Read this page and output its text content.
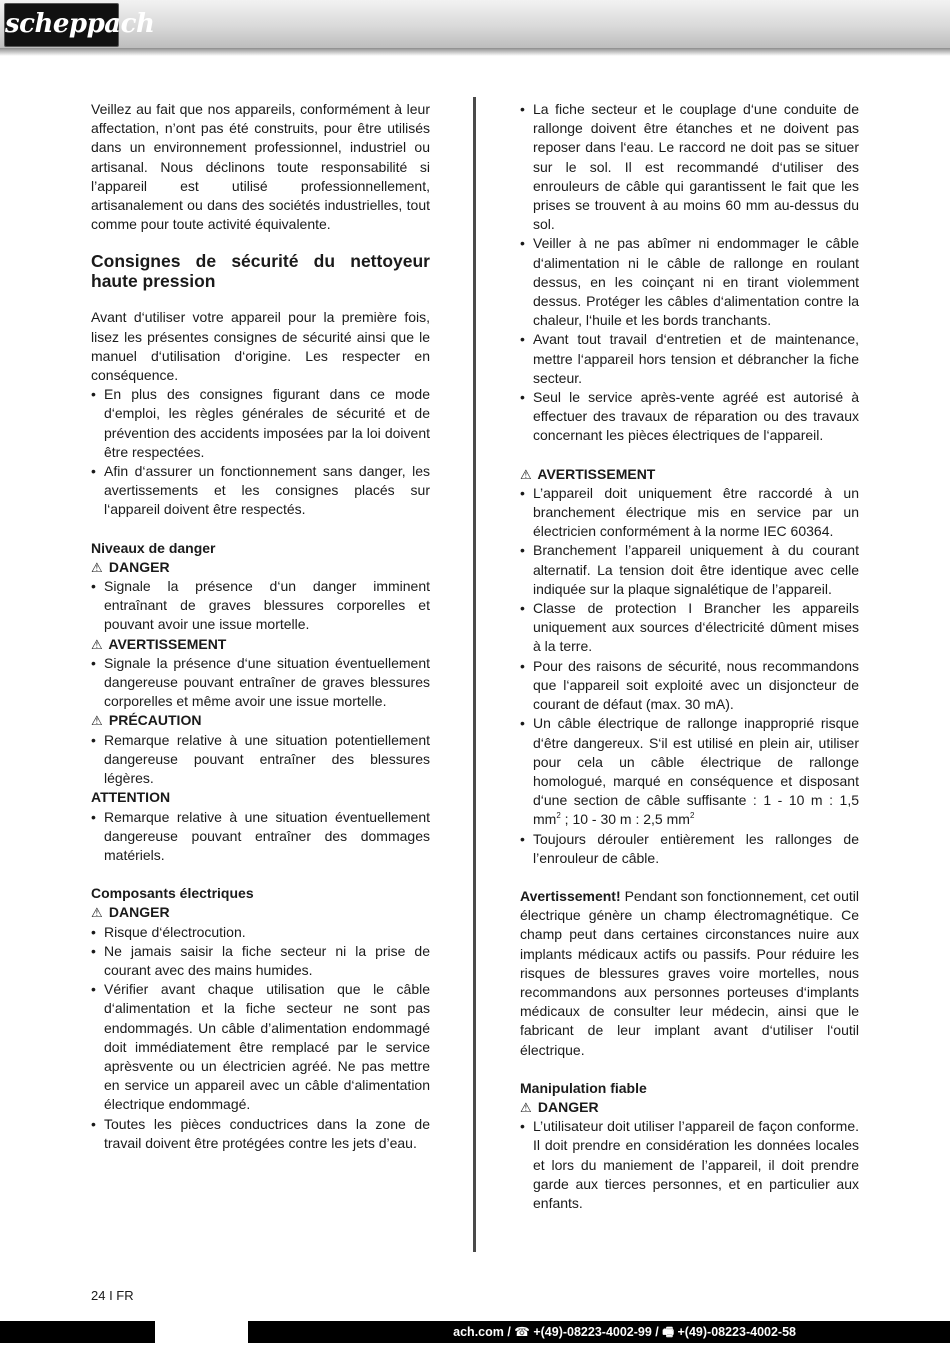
scheppach

Veillez au fait que nos appareils, conformément à leur affectation, n’ont pas été construits, pour être utilisés dans un environnement professionnel, industriel ou artisanal. Nous déclinons toute responsabilité si l’appareil est utilisé professionnellement, artisanalement ou dans des sociétés industrielles, tout comme pour toute activité équivalente.

Consignes de sécurité du nettoyeur haute pression

Avant d‘utiliser votre appareil pour la première fois, lisez les présentes consignes de sécurité ainsi que le manuel d‘utilisation d‘origine. Les respecter en conséquence.

• En plus des consignes figurant dans ce mode d‘emploi, les règles générales de sécurité et de prévention des accidents imposées par la loi doivent être respectées.
• Afin d‘assurer un fonctionnement sans danger, les avertissements et les consignes placés sur l‘appareil doivent être respectés.
Niveaux de danger
⚠ DANGER
• Signale la présence d‘un danger imminent entraînant de graves blessures corporelles et pouvant avoir une issue mortelle.
⚠ AVERTISSEMENT
• Signale la présence d‘une situation éventuellement dangereuse pouvant entraîner de graves blessures corporelles et même avoir une issue mortelle.
⚠ PRÉCAUTION
• Remarque relative à une situation potentiellement dangereuse pouvant entraîner des blessures légères.
ATTENTION
• Remarque relative à une situation éventuellement dangereuse pouvant entraîner des dommages matériels.
Composants électriques
⚠ DANGER
• Risque d‘électrocution.
• Ne jamais saisir la fiche secteur ni la prise de courant avec des mains humides.
• Vérifier avant chaque utilisation que le câble d‘alimentation et la fiche secteur ne sont pas endommagés. Un câble d’alimentation endommagé doit immédiatement être remplacé par le service aprèsvente ou un électricien agréé. Ne pas mettre en service un appareil avec un câble d‘alimentation électrique endommagé.
• Toutes les pièces conductrices dans la zone de travail doivent être protégées contre les jets d’eau.
• La fiche secteur et le couplage d‘une conduite de rallonge doivent être étanches et ne doivent pas reposer dans l‘eau. Le raccord ne doit pas se situer sur le sol. Il est recommandé d‘utiliser des enrouleurs de câble qui garantissent le fait que les prises se trouvent à au moins 60 mm au-dessus du sol.
• Veiller à ne pas abîmer ni endommager le câble d‘alimentation ni le câble de rallonge en roulant dessus, en les coinçant ni en tirant violemment dessus. Protéger les câbles d‘alimentation contre la chaleur, l‘huile et les bords tranchants.
• Avant tout travail d‘entretien et de maintenance, mettre l‘appareil hors tension et débrancher la fiche secteur.
• Seul le service après-vente agréé est autorisé à effectuer des travaux de réparation ou des travaux concernant les pièces électriques de l‘appareil.
⚠ AVERTISSEMENT
• L’appareil doit uniquement être raccordé à un branchement électrique mis en service par un électricien conformément à la norme IEC 60364.
• Branchement l’appareil uniquement à du courant alternatif. La tension doit être identique avec celle indiquée sur la plaque signalétique de l’appareil.
• Classe de protection I Brancher les appareils uniquement aux sources d‘électricité dûment mises à la terre.
• Pour des raisons de sécurité, nous recommandons que l‘appareil soit exploité avec un disjoncteur de courant de défaut (max. 30 mA).
• Un câble électrique de rallonge inapproprié risque d‘être dangereux. S‘il est utilisé en plein air, utiliser pour cela un câble électrique de rallonge homologué, marqué en conséquence et disposant d‘une section de câble suffisante : 1 - 10 m : 1,5 $mm^2$ ; 10 - 30 m : 2,5 $mm^2$
• Toujours dérouler entièrement les rallonges de l’enrouleur de câble.

Avertissement! Pendant son fonctionnement, cet outil électrique génère un champ électromagnétique. Ce champ peut dans certaines circonstances nuire aux implants médicaux actifs ou passifs. Pour réduire les risques de blessures graves voire mortelles, nous recommandons aux personnes porteuses d‘implants médicaux de consulter leur médecin, ainsi que le fabricant de leur implant avant d‘utiliser l‘outil électrique.

Manipulation fiable
⚠ DANGER
• L’utilisateur doit utiliser l’appareil de façon conforme. Il doit prendre en considération les données locales et lors du maniement de l’appareil, il doit prendre garde aux tierces personnes, et en particulier aux enfants.
24 I FR
ach.com / ☎ +(49)-08223-4002-99 / 🖷 +(49)-08223-4002-58
